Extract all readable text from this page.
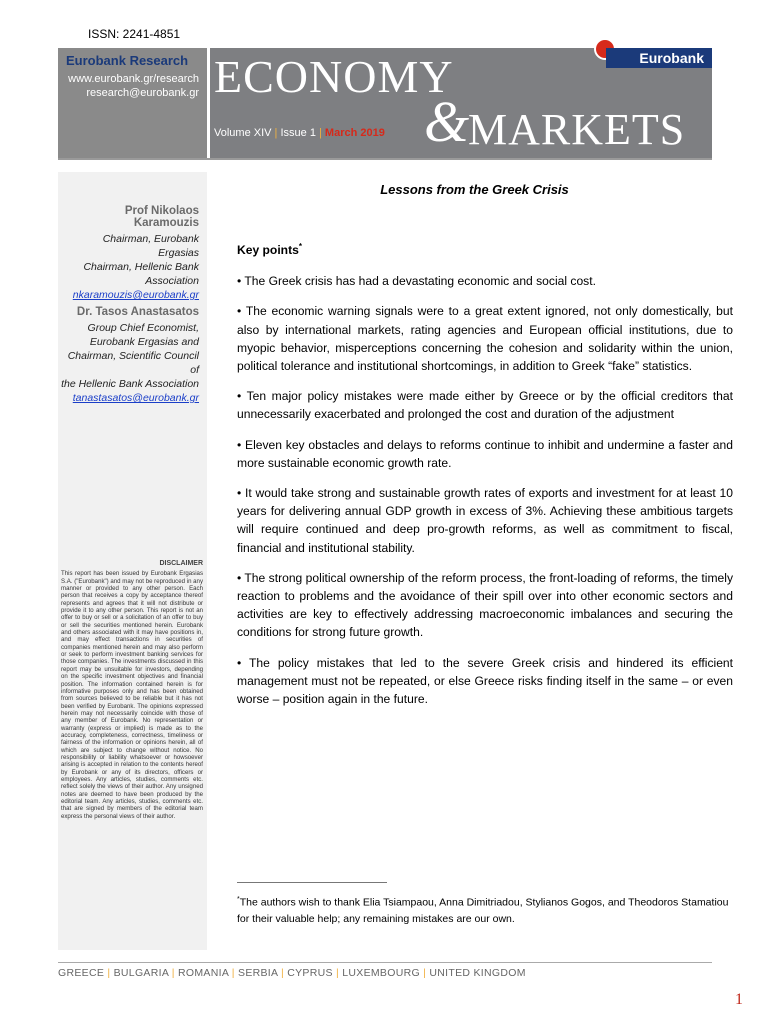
ISSN: 2241-4851
Eurobank Research
www.eurobank.gr/research
research@eurobank.gr ECONOMY
&
MARKETS
Volume XIV | Issue 1 | March 2019
Eurobank
Prof Nikolaos Karamouzis
Chairman, Eurobank Ergasias
Chairman, Hellenic Bank
Association
nkaramouzis@eurobank.gr
Dr. Tasos Anastasatos
Group Chief Economist,
Eurobank Ergasias and
Chairman, Scientific Council of
the Hellenic Bank Association
tanastasatos@eurobank.gr
DISCLAIMER
This report has been issued by Eurobank Ergasias S.A. ("Eurobank") and may not be reproduced in any manner or provided to any other person. Each person that receives a copy by acceptance thereof represents and agrees that it will not distribute or provide it to any other person. This report is not an offer to buy or sell or a solicitation of an offer to buy or sell the securities mentioned herein. Eurobank and others associated with it may have positions in, and may effect transactions in securities of companies mentioned herein and may also perform or seek to perform investment banking services for those companies. The investments discussed in this report may be unsuitable for investors, depending on the specific investment objectives and financial position. The information contained herein is for informative purposes only and has been obtained from sources believed to be reliable but it has not been verified by Eurobank. The opinions expressed herein may not necessarily coincide with those of any member of Eurobank. No representation or warranty (express or implied) is made as to the accuracy, completeness, correctness, timeliness or fairness of the information or opinions herein, all of which are subject to change without notice. No responsibility or liability whatsoever or howsoever arising is accepted in relation to the contents hereof by Eurobank or any of its directors, officers or employees. Any articles, studies, comments etc. reflect solely the views of their author. Any unsigned notes are deemed to have been produced by the editorial team. Any articles, studies, comments etc. that are signed by members of the editorial team express the personal views of their author.
Lessons from the Greek Crisis
Key points*

• The Greek crisis has had a devastating economic and social cost.

• The economic warning signals were to a great extent ignored, not only domestically, but also by international markets, rating agencies and European official institutions, due to myopic behavior, misperceptions concerning the cohesion and solidarity within the union, political tolerance and institutional shortcomings, in addition to Greek “fake” statistics.

• Ten major policy mistakes were made either by Greece or by the official creditors that unnecessarily exacerbated and prolonged the cost and duration of the adjustment

• Eleven key obstacles and delays to reforms continue to inhibit and undermine a faster and more sustainable economic growth rate.

• It would take strong and sustainable growth rates of exports and investment for at least 10 years for delivering annual GDP growth in excess of 3%. Achieving these ambitious targets will require continued and deep pro-growth reforms, as well as commitment to fiscal, financial and institutional stability.

• The strong political ownership of the reform process, the front-loading of reforms, the timely reaction to problems and the avoidance of their spill over into other economic sectors and activities are key to effectively addressing macroeconomic imbalances and securing the conditions for strong future growth.

• The policy mistakes that led to the severe Greek crisis and hindered its efficient management must not be repeated, or else Greece risks finding itself in the same – or even worse – position again in the future.

*The authors wish to thank Elia Tsiampaou, Anna Dimitriadou, Stylianos Gogos, and Theodoros Stamatiou for their valuable help; any remaining mistakes are our own.
GREECE | BULGARIA | ROMANIA | SERBIA | CYPRUS | LUXEMBOURG | UNITED KINGDOM
1
